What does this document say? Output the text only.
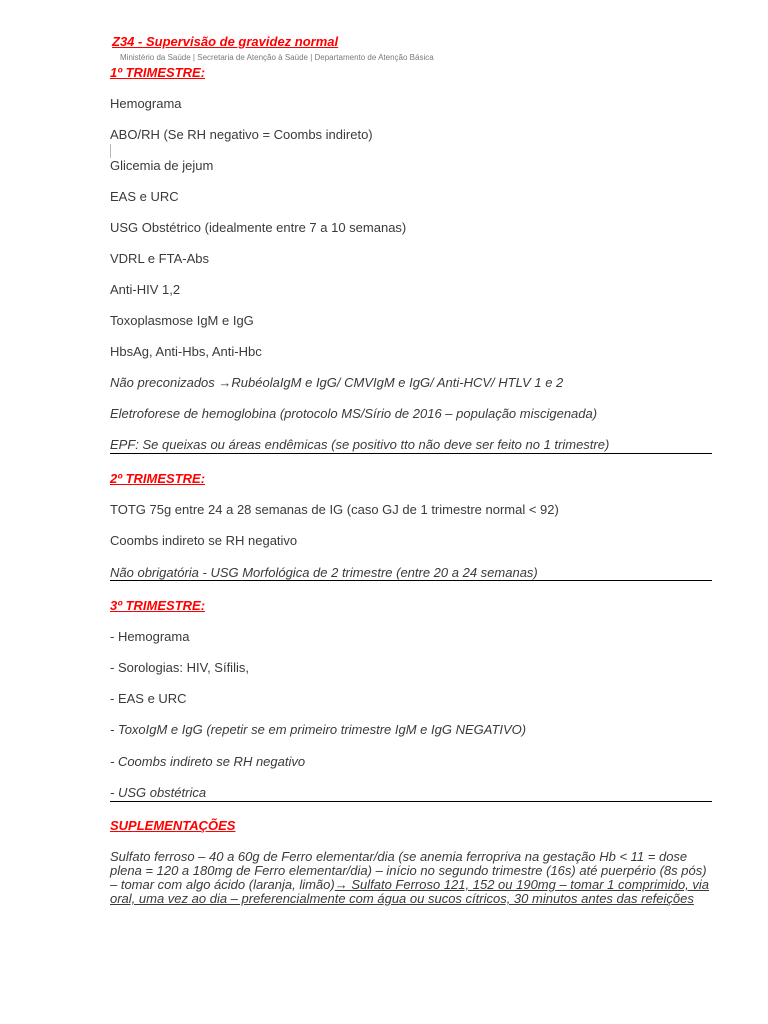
Z34 - Supervisão de gravidez normal
Ministério da Saúde | Secretaria de Atenção à Saúde | Departamento de Atenção Básica
1º TRIMESTRE:
Hemograma
ABO/RH (Se RH negativo = Coombs indireto)
Glicemia de jejum
EAS e URC
USG Obstétrico (idealmente entre 7 a 10 semanas)
VDRL e FTA-Abs
Anti-HIV 1,2
Toxoplasmose IgM e IgG
HbsAg, Anti-Hbs, Anti-Hbc
Não preconizados →RubéolaIgM e IgG/ CMVIgM e IgG/ Anti-HCV/ HTLV 1 e 2
Eletroforese de hemoglobina (protocolo MS/Sírio de 2016 – população miscigenada)
EPF: Se queixas ou áreas endêmicas (se positivo tto não deve ser feito no 1 trimestre)
2º TRIMESTRE:
TOTG 75g entre 24 a 28 semanas de IG (caso GJ de 1 trimestre normal < 92)
Coombs indireto se RH negativo
Não obrigatória - USG Morfológica de 2 trimestre (entre 20 a 24 semanas)
3º TRIMESTRE:
- Hemograma
- Sorologias: HIV, Sífilis,
- EAS e URC
- ToxoIgM e IgG (repetir se em primeiro trimestre IgM e IgG NEGATIVO)
- Coombs indireto se RH negativo
- USG obstétrica
SUPLEMENTAÇÕES
Sulfato ferroso – 40 a 60g de Ferro elementar/dia (se anemia ferropriva na gestação Hb < 11 = dose plena = 120 a 180mg de Ferro elementar/dia) – início no segundo trimestre (16s) até puerpério (8s pós) – tomar com algo ácido (laranja, limão)→ Sulfato Ferroso 121, 152 ou 190mg – tomar 1 comprimido, via oral, uma vez ao dia – preferencialmente com água ou sucos cítricos, 30 minutos antes das refeições
